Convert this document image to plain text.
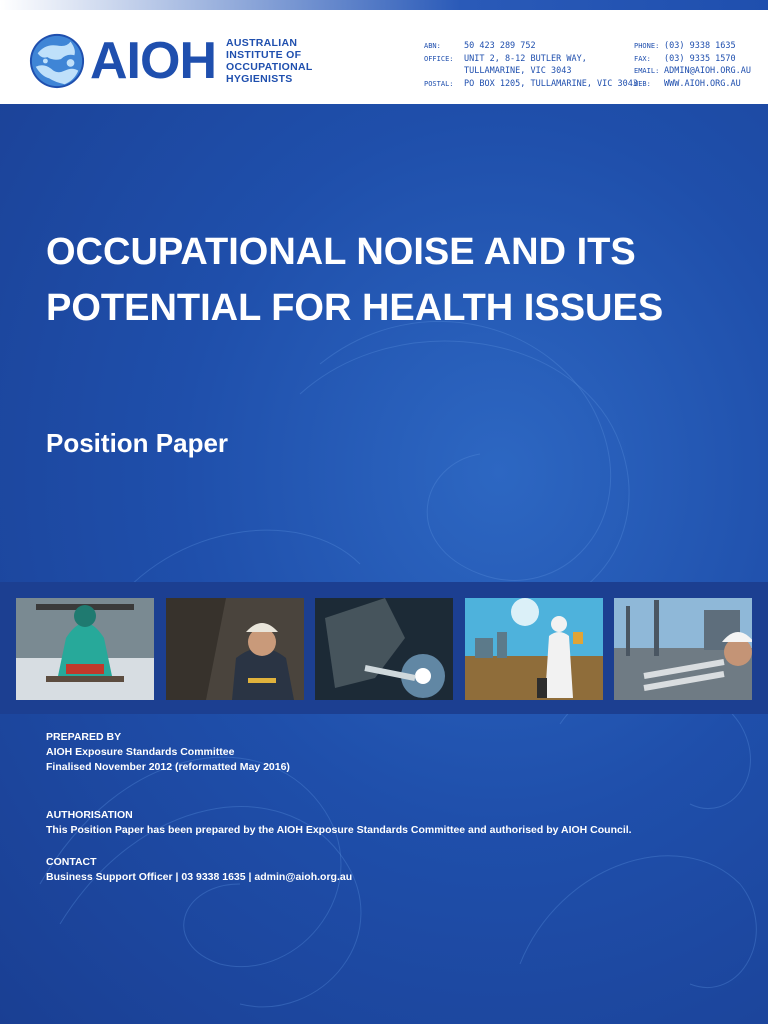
AIOH AUSTRALIAN
INSTITUTE OF
OCCUPATIONAL
HYGIENISTS
ABN:	50 423 289 752
OFFICE:	UNIT 2, 8-12 BUTLER WAY,
TULLAMARINE, VIC 3043
POSTAL:	PO BOX 1205, TULLAMARINE, VIC 3043
PHONE: (03) 9338 1635
FAX:	(03) 9335 1570
EMAIL: ADMIN@AIOH.ORG.AU
WEB:	WWW.AIOH.ORG.AU
OCCUPATIONAL NOISE AND ITS
POTENTIAL FOR HEALTH ISSUES
Position Paper
PREPARED BY
AIOH Exposure Standards Committee
Finalised November 2012 (reformatted May 2016)
AUTHORISATION
This Position Paper has been prepared by the AIOH Exposure Standards Committee and authorised by AIOH Council.
CONTACT
Business Support Officer | 03 9338 1635 | admin@aioh.org.au
